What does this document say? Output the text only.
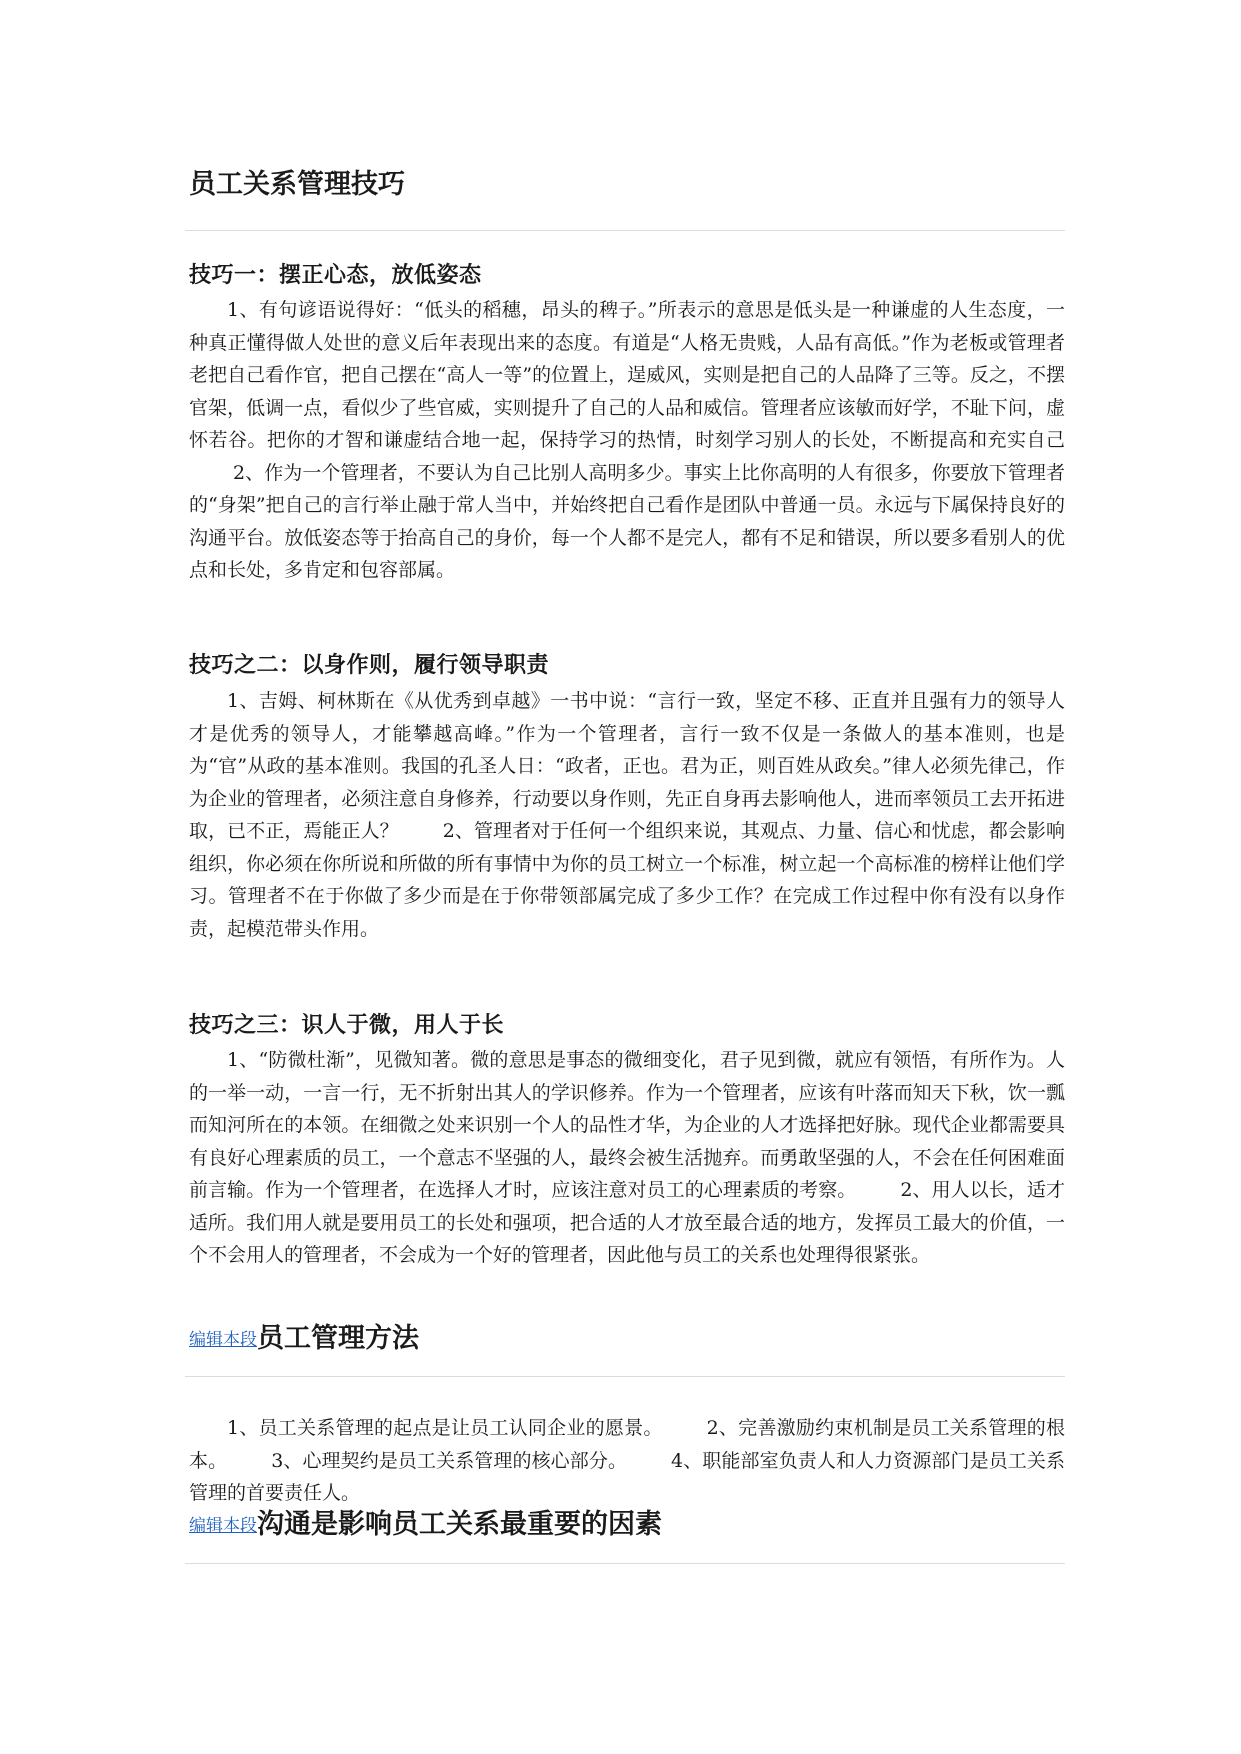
员工关系管理技巧
技巧一：摆正心态，放低姿态

1、有句谚语说得好：“低头的稻穗，昂头的稗子。”所表示的意思是低头是一种谦虚的人生态度，一种真正懂得做人处世的意义后年表现出来的态度。有道是“人格无贵贱，人品有高低。”作为老板或管理者老把自己看作官，把自己摆在“高人一等”的位置上，逞威风，实则是把自己的人品降了三等。反之，不摆官架，低调一点，看似少了些官威，实则提升了自己的人品和威信。管理者应该敏而好学，不耻下问，虚怀若谷。把你的才智和谦虚结合地一起，保持学习的热情，时刻学习别人的长处，不断提高和充实自己2、作为一个管理者，不要认为自己比别人高明多少。事实上比你高明的人有很多，你要放下管理者的“身架”把自己的言行举止融于常人当中，并始终把自己看作是团队中普通一员。永远与下属保持良好的沟通平台。放低姿态等于抬高自己的身价，每一个人都不是完人，都有不足和错误，所以要多看别人的优点和长处，多肯定和包容部属。

技巧之二：以身作则，履行领导职责

1、吉姆、柯林斯在《从优秀到卓越》一书中说：“言行一致，坚定不移、正直并且强有力的领导人才是优秀的领导人，才能攀越高峰。”作为一个管理者，言行一致不仅是一条做人的基本准则，也是为“官”从政的基本准则。我国的孔圣人日：“政者，正也。君为正，则百姓从政矣。”律人必须先律己，作为企业的管理者，必须注意自身修养，行动要以身作则，先正自身再去影响他人，进而率领员工去开拓进取，已不正，焉能正人？ 2、管理者对于任何一个组织来说，其观点、力量、信心和忧虑，都会影响组织，你必须在你所说和所做的所有事情中为你的员工树立一个标准，树立起一个高标准的榜样让他们学习。管理者不在于你做了多少而是在于你带领部属完成了多少工作？在完成工作过程中你有没有以身作责，起模范带头作用。

技巧之三：识人于微，用人于长

1、“防微杜渐”，见微知著。微的意思是事态的微细变化，君子见到微，就应有领悟，有所作为。人的一举一动，一言一行，无不折射出其人的学识修养。作为一个管理者，应该有叶落而知天下秋，饮一瓢而知河所在的本领。在细微之处来识别一个人的品性才华，为企业的人才选择把好脉。现代企业都需要具有良好心理素质的员工，一个意志不坚强的人，最终会被生活抛弃。而勇敢坚强的人，不会在任何困难面前言输。作为一个管理者，在选择人才时，应该注意对员工的心理素质的考察。 2、用人以长，适才适所。我们用人就是要用员工的长处和强项，把合适的人才放至最合适的地方，发挥员工最大的价值，一个不会用人的管理者，不会成为一个好的管理者，因此他与员工的关系也处理得很紧张。

编辑本段员工管理方法

1、员工关系管理的起点是让员工认同企业的愿景。 2、完善激励约束机制是员工关系管理的根本。 3、心理契约是员工关系管理的核心部分。 4、职能部室负责人和人力资源部门是员工关系管理的首要责任人。

编辑本段沟通是影响员工关系最重要的因素
